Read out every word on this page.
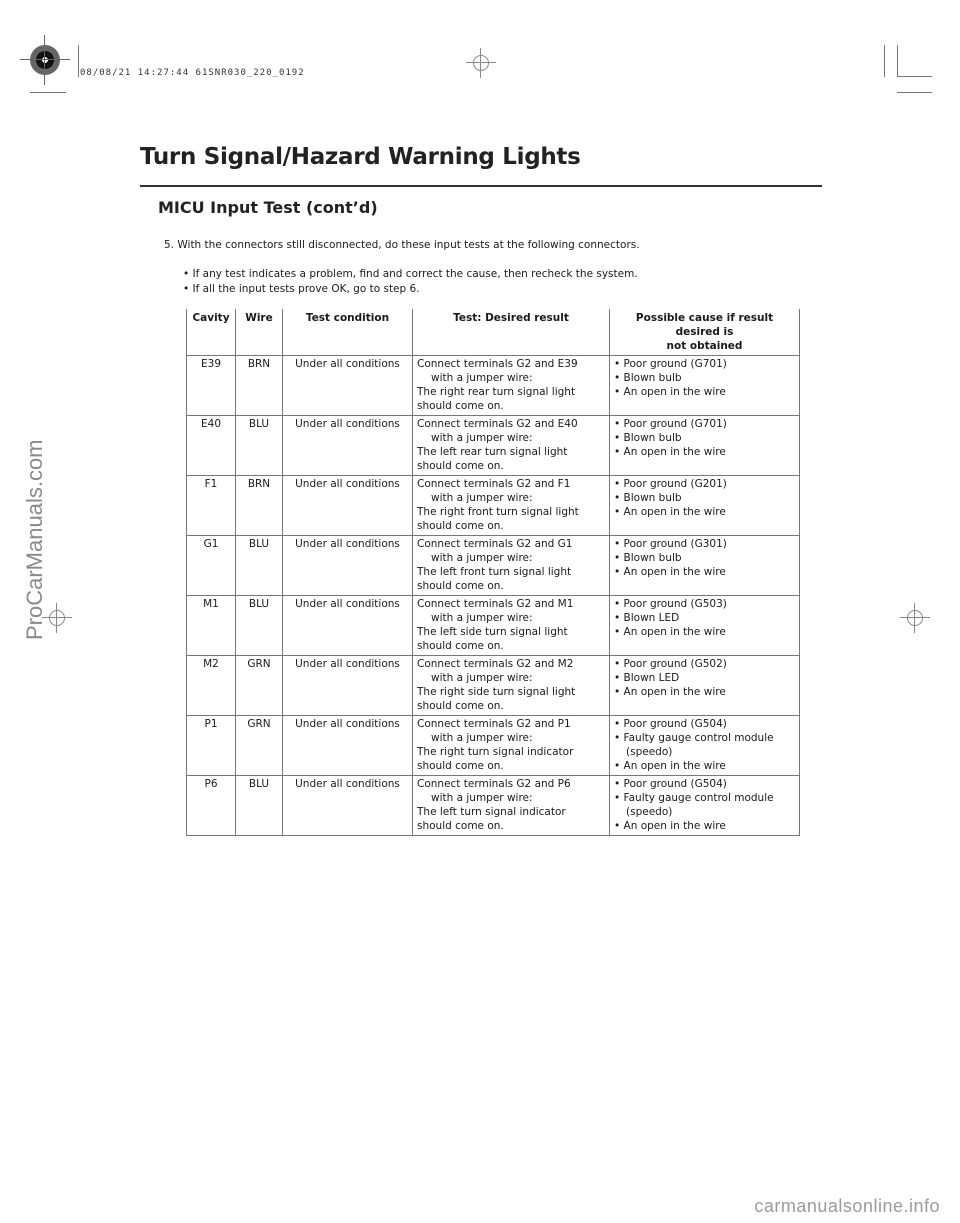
08/08/21 14:27:44 61SNR030_220_0192
Turn Signal/Hazard Warning Lights
MICU Input Test (cont’d)
5. With the connectors still disconnected, do these input tests at the following connectors.
• If any test indicates a problem, find and correct the cause, then recheck the system.
• If all the input tests prove OK, go to step 6.
Cavity	Wire	Test condition	Test: Desired result	Possible cause if result desired is
not obtained

E39	BRN	Under all conditions	Connect terminals G2 and E39
with a jumper wire:
The right rear turn signal light
should come on.	• Poor ground (G701)
• Blown bulb
• An open in the wire

E40	BLU	Under all conditions	Connect terminals G2 and E40
with a jumper wire:
The left rear turn signal light
should come on.	• Poor ground (G701)
• Blown bulb
• An open in the wire

F1	BRN	Under all conditions	Connect terminals G2 and F1
with a jumper wire:
The right front turn signal light
should come on.	• Poor ground (G201)
• Blown bulb
• An open in the wire

G1	BLU	Under all conditions	Connect terminals G2 and G1
with a jumper wire:
The left front turn signal light
should come on.	• Poor ground (G301)
• Blown bulb
• An open in the wire

M1	BLU	Under all conditions	Connect terminals G2 and M1
with a jumper wire:
The left side turn signal light
should come on.	• Poor ground (G503)
• Blown LED
• An open in the wire

M2	GRN	Under all conditions	Connect terminals G2 and M2
with a jumper wire:
The right side turn signal light
should come on.	• Poor ground (G502)
• Blown LED
• An open in the wire

P1	GRN	Under all conditions	Connect terminals G2 and P1
with a jumper wire:
The right turn signal indicator
should come on.	• Poor ground (G504)
• Faulty gauge control module (speedo)
• An open in the wire

P6	BLU	Under all conditions	Connect terminals G2 and P6
with a jumper wire:
The left turn signal indicator
should come on.	• Poor ground (G504)
• Faulty gauge control module (speedo)
• An open in the wire
ProCarManuals.com
carmanualsonline.info
